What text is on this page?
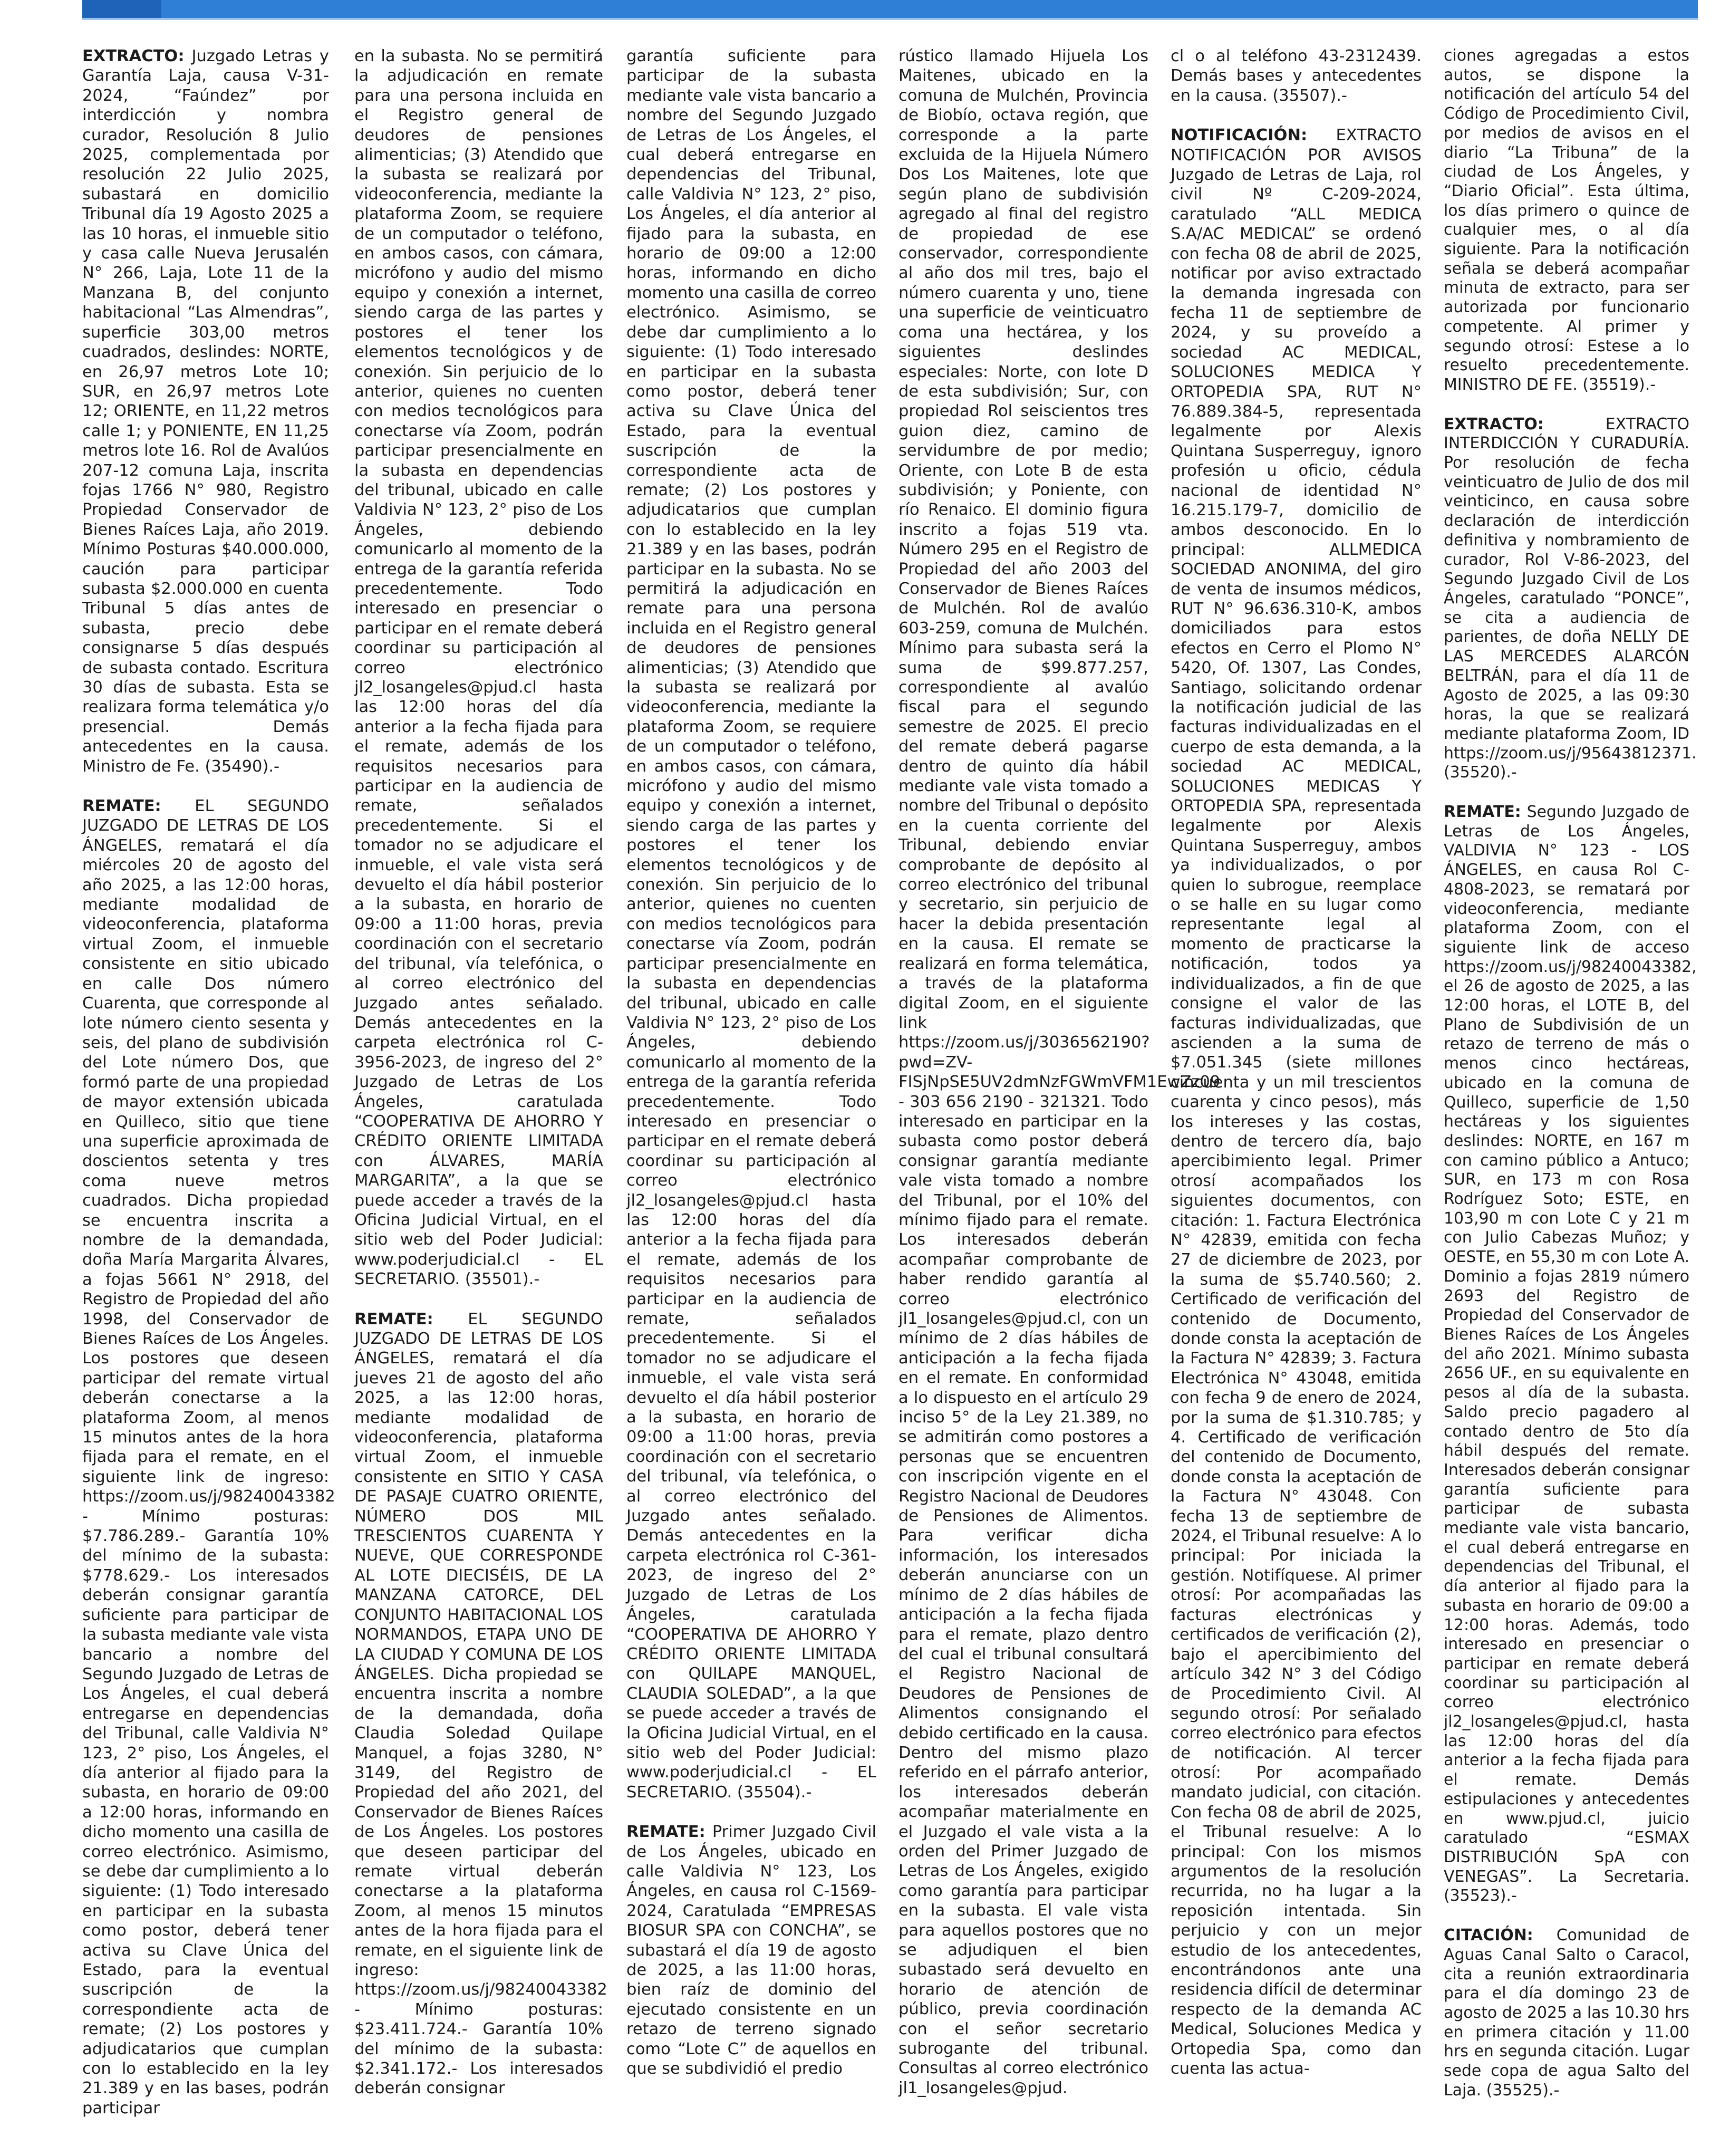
EXTRACTO: Juzgado Letras y Garantía Laja, causa V-31-2024, “Faúndez” por interdicción y nombra curador, Resolución 8 Julio 2025, complementada por resolución 22 Julio 2025, subastará en domicilio Tribunal día 19 Agosto 2025 a las 10 horas, el inmueble sitio y casa calle Nueva Jerusalén N° 266, Laja, Lote 11 de la Manzana B, del conjunto habitacional “Las Almendras”, superficie 303,00 metros cuadrados, deslindes: NORTE, en 26,97 metros Lote 10; SUR, en 26,97 metros Lote 12; ORIENTE, en 11,22 metros calle 1; y PONIENTE, EN 11,25 metros lote 16. Rol de Avalúos 207-12 comuna Laja, inscrita fojas 1766 N° 980, Registro Propiedad Conservador de Bienes Raíces Laja, año 2019. Mínimo Posturas $40.000.000, caución para participar subasta $2.000.000 en cuenta Tribunal 5 días antes de subasta, precio debe consignarse 5 días después de subasta contado. Escritura 30 días de subasta. Esta se realizara forma telemática y/o presencial. Demás antecedentes en la causa. Ministro de Fe. (35490).-

REMATE: EL SEGUNDO JUZGADO DE LETRAS DE LOS ÁNGELES, rematará el día miércoles 20 de agosto del año 2025, a las 12:00 horas, mediante modalidad de videoconferencia, plataforma virtual Zoom, el inmueble consistente en sitio ubicado en calle Dos número Cuarenta, que corresponde al lote número ciento sesenta y seis, del plano de subdivisión del Lote número Dos, que formó parte de una propiedad de mayor extensión ubicada en Quilleco, sitio que tiene una superficie aproximada de doscientos setenta y tres coma nueve metros cuadrados. Dicha propiedad se encuentra inscrita a nombre de la demandada, doña María Margarita Álvares, a fojas 5661 N° 2918, del Registro de Propiedad del año 1998, del Conservador de Bienes Raíces de Los Ángeles. Los postores que deseen participar del remate virtual deberán conectarse a la plataforma Zoom, al menos 15 minutos antes de la hora fijada para el remate, en el siguiente link de ingreso: https://zoom.us/j/98240043382 - Mínimo posturas: $7.786.289.- Garantía 10% del mínimo de la subasta: $778.629.- Los interesados deberán consignar garantía suficiente para participar de la subasta mediante vale vista bancario a nombre del Segundo Juzgado de Letras de Los Ángeles, el cual deberá entregarse en dependencias del Tribunal, calle Valdivia N° 123, 2° piso, Los Ángeles, el día anterior al fijado para la subasta, en horario de 09:00 a 12:00 horas, informando en dicho momento una casilla de correo electrónico. Asimismo, se debe dar cumplimiento a lo siguiente: (1) Todo interesado en participar en la subasta como postor, deberá tener activa su Clave Única del Estado, para la eventual suscripción de la correspondiente acta de remate; (2) Los postores y adjudicatarios que cumplan con lo establecido en la ley 21.389 y en las bases, podrán participar

en la subasta. No se permitirá la adjudicación en remate para una persona incluida en el Registro general de deudores de pensiones alimenticias; (3) Atendido que la subasta se realizará por videoconferencia, mediante la plataforma Zoom, se requiere de un computador o teléfono, en ambos casos, con cámara, micrófono y audio del mismo equipo y conexión a internet, siendo carga de las partes y postores el tener los elementos tecnológicos y de conexión. Sin perjuicio de lo anterior, quienes no cuenten con medios tecnológicos para conectarse vía Zoom, podrán participar presencialmente en la subasta en dependencias del tribunal, ubicado en calle Valdivia N° 123, 2° piso de Los Ángeles, debiendo comunicarlo al momento de la entrega de la garantía referida precedentemente. Todo interesado en presenciar o participar en el remate deberá coordinar su participación al correo electrónico jl2_losangeles@pjud.cl hasta las 12:00 horas del día anterior a la fecha fijada para el remate, además de los requisitos necesarios para participar en la audiencia de remate, señalados precedentemente. Si el tomador no se adjudicare el inmueble, el vale vista será devuelto el día hábil posterior a la subasta, en horario de 09:00 a 11:00 horas, previa coordinación con el secretario del tribunal, vía telefónica, o al correo electrónico del Juzgado antes señalado. Demás antecedentes en la carpeta electrónica rol C-3956-2023, de ingreso del 2° Juzgado de Letras de Los Ángeles, caratulada “COOPERATIVA DE AHORRO Y CRÉDITO ORIENTE LIMITADA con ÁLVARES, MARÍA MARGARITA”, a la que se puede acceder a través de la Oficina Judicial Virtual, en el sitio web del Poder Judicial: www.poderjudicial.cl - EL SECRETARIO. (35501).-

REMATE: EL SEGUNDO JUZGADO DE LETRAS DE LOS ÁNGELES, rematará el día jueves 21 de agosto del año 2025, a las 12:00 horas, mediante modalidad de videoconferencia, plataforma virtual Zoom, el inmueble consistente en SITIO Y CASA DE PASAJE CUATRO ORIENTE, NÚMERO DOS MIL TRESCIENTOS CUARENTA Y NUEVE, QUE CORRESPONDE AL LOTE DIECISÉIS, DE LA MANZANA CATORCE, DEL CONJUNTO HABITACIONAL LOS NORMANDOS, ETAPA UNO DE LA CIUDAD Y COMUNA DE LOS ÁNGELES. Dicha propiedad se encuentra inscrita a nombre de la demandada, doña Claudia Soledad Quilape Manquel, a fojas 3280, N° 3149, del Registro de Propiedad del año 2021, del Conservador de Bienes Raíces de Los Ángeles. Los postores que deseen participar del remate virtual deberán conectarse a la plataforma Zoom, al menos 15 minutos antes de la hora fijada para el remate, en el siguiente link de ingreso: https://zoom.us/j/98240043382 - Mínimo posturas: $23.411.724.- Garantía 10% del mínimo de la subasta: $2.341.172.- Los interesados deberán consignar

garantía suficiente para participar de la subasta mediante vale vista bancario a nombre del Segundo Juzgado de Letras de Los Ángeles, el cual deberá entregarse en dependencias del Tribunal, calle Valdivia N° 123, 2° piso, Los Ángeles, el día anterior al fijado para la subasta, en horario de 09:00 a 12:00 horas, informando en dicho momento una casilla de correo electrónico. Asimismo, se debe dar cumplimiento a lo siguiente: (1) Todo interesado en participar en la subasta como postor, deberá tener activa su Clave Única del Estado, para la eventual suscripción de la correspondiente acta de remate; (2) Los postores y adjudicatarios que cumplan con lo establecido en la ley 21.389 y en las bases, podrán participar en la subasta. No se permitirá la adjudicación en remate para una persona incluida en el Registro general de deudores de pensiones alimenticias; (3) Atendido que la subasta se realizará por videoconferencia, mediante la plataforma Zoom, se requiere de un computador o teléfono, en ambos casos, con cámara, micrófono y audio del mismo equipo y conexión a internet, siendo carga de las partes y postores el tener los elementos tecnológicos y de conexión. Sin perjuicio de lo anterior, quienes no cuenten con medios tecnológicos para conectarse vía Zoom, podrán participar presencialmente en la subasta en dependencias del tribunal, ubicado en calle Valdivia N° 123, 2° piso de Los Ángeles, debiendo comunicarlo al momento de la entrega de la garantía referida precedentemente. Todo interesado en presenciar o participar en el remate deberá coordinar su participación al correo electrónico jl2_losangeles@pjud.cl hasta las 12:00 horas del día anterior a la fecha fijada para el remate, además de los requisitos necesarios para participar en la audiencia de remate, señalados precedentemente. Si el tomador no se adjudicare el inmueble, el vale vista será devuelto el día hábil posterior a la subasta, en horario de 09:00 a 11:00 horas, previa coordinación con el secretario del tribunal, vía telefónica, o al correo electrónico del Juzgado antes señalado. Demás antecedentes en la carpeta electrónica rol C-361-2023, de ingreso del 2° Juzgado de Letras de Los Ángeles, caratulada “COOPERATIVA DE AHORRO Y CRÉDITO ORIENTE LIMITADA con QUILAPE MANQUEL, CLAUDIA SOLEDAD”, a la que se puede acceder a través de la Oficina Judicial Virtual, en el sitio web del Poder Judicial: www.poderjudicial.cl - EL SECRETARIO. (35504).-

REMATE: Primer Juzgado Civil de Los Ángeles, ubicado en calle Valdivia N° 123, Los Ángeles, en causa rol C-1569-2024, Caratulada “EMPRESAS BIOSUR SPA con CONCHA”, se subastará el día 19 de agosto de 2025, a las 11:00 horas, bien raíz de dominio del ejecutado consistente en un retazo de terreno signado como “Lote C” de aquellos en que se subdividió el predio

rústico llamado Hijuela Los Maitenes, ubicado en la comuna de Mulchén, Provincia de Biobío, octava región, que corresponde a la parte excluida de la Hijuela Número Dos Los Maitenes, lote que según plano de subdivisión agregado al final del registro de propiedad de ese conservador, correspondiente al año dos mil tres, bajo el número cuarenta y uno, tiene una superficie de veinticuatro coma una hectárea, y los siguientes deslindes especiales: Norte, con lote D de esta subdivisión; Sur, con propiedad Rol seiscientos tres guion diez, camino de servidumbre de por medio; Oriente, con Lote B de esta subdivisión; y Poniente, con río Renaico. El dominio figura inscrito a fojas 519 vta. Número 295 en el Registro de Propiedad del año 2003 del Conservador de Bienes Raíces de Mulchén. Rol de avalúo 603-259, comuna de Mulchén. Mínimo para subasta será la suma de $99.877.257, correspondiente al avalúo fiscal para el segundo semestre de 2025. El precio del remate deberá pagarse dentro de quinto día hábil mediante vale vista tomado a nombre del Tribunal o depósito en la cuenta corriente del Tribunal, debiendo enviar comprobante de depósito al correo electrónico del tribunal y secretario, sin perjuicio de hacer la debida presentación en la causa. El remate se realizará en forma telemática, a través de la plataforma digital Zoom, en el siguiente link https://zoom.us/j/3036562190?pwd=ZV-FISjNpSE5UV2dmNzFGWmVFM1EwZz09 - 303 656 2190 - 321321. Todo interesado en participar en la subasta como postor deberá consignar garantía mediante vale vista tomado a nombre del Tribunal, por el 10% del mínimo fijado para el remate. Los interesados deberán acompañar comprobante de haber rendido garantía al correo electrónico jl1_losangeles@pjud.cl, con un mínimo de 2 días hábiles de anticipación a la fecha fijada en el remate. En conformidad a lo dispuesto en el artículo 29 inciso 5° de la Ley 21.389, no se admitirán como postores a personas que se encuentren con inscripción vigente en el Registro Nacional de Deudores de Pensiones de Alimentos. Para verificar dicha información, los interesados deberán anunciarse con un mínimo de 2 días hábiles de anticipación a la fecha fijada para el remate, plazo dentro del cual el tribunal consultará el Registro Nacional de Deudores de Pensiones de Alimentos consignando el debido certificado en la causa. Dentro del mismo plazo referido en el párrafo anterior, los interesados deberán acompañar materialmente en el Juzgado el vale vista a la orden del Primer Juzgado de Letras de Los Ángeles, exigido como garantía para participar en la subasta. El vale vista para aquellos postores que no se adjudiquen el bien subastado será devuelto en horario de atención de público, previa coordinación con el señor secretario subrogante del tribunal. Consultas al correo electrónico jl1_losangeles@pjud.

cl o al teléfono 43-2312439. Demás bases y antecedentes en la causa. (35507).-

NOTIFICACIÓN: EXTRACTO NOTIFICACIÓN POR AVISOS Juzgado de Letras de Laja, rol civil Nº C-209-2024, caratulado “ALL MEDICA S.A/AC MEDICAL” se ordenó con fecha 08 de abril de 2025, notificar por aviso extractado la demanda ingresada con fecha 11 de septiembre de 2024, y su proveído a sociedad AC MEDICAL, SOLUCIONES MEDICA Y ORTOPEDIA SPA, RUT N° 76.889.384-5, representada legalmente por Alexis Quintana Susperreguy, ignoro profesión u oficio, cédula nacional de identidad N° 16.215.179-7, domicilio de ambos desconocido. En lo principal: ALLMEDICA SOCIEDAD ANONIMA, del giro de venta de insumos médicos, RUT N° 96.636.310-K, ambos domiciliados para estos efectos en Cerro el Plomo N° 5420, Of. 1307, Las Condes, Santiago, solicitando ordenar la notificación judicial de las facturas individualizadas en el cuerpo de esta demanda, a la sociedad AC MEDICAL, SOLUCIONES MEDICAS Y ORTOPEDIA SPA, representada legalmente por Alexis Quintana Susperreguy, ambos ya individualizados, o por quien lo subrogue, reemplace o se halle en su lugar como representante legal al momento de practicarse la notificación, todos ya individualizados, a fin de que consigne el valor de las facturas individualizadas, que ascienden a la suma de $7.051.345 (siete millones cincuenta y un mil trescientos cuarenta y cinco pesos), más los intereses y las costas, dentro de tercero día, bajo apercibimiento legal. Primer otrosí acompañados los siguientes documentos, con citación: 1. Factura Electrónica N° 42839, emitida con fecha 27 de diciembre de 2023, por la suma de $5.740.560; 2. Certificado de verificación del contenido de Documento, donde consta la aceptación de la Factura N° 42839; 3. Factura Electrónica N° 43048, emitida con fecha 9 de enero de 2024, por la suma de $1.310.785; y 4. Certificado de verificación del contenido de Documento, donde consta la aceptación de la Factura N° 43048. Con fecha 13 de septiembre de 2024, el Tribunal resuelve: A lo principal: Por iniciada la gestión. Notifíquese. Al primer otrosí: Por acompañadas las facturas electrónicas y certificados de verificación (2), bajo el apercibimiento del artículo 342 N° 3 del Código de Procedimiento Civil. Al segundo otrosí: Por señalado correo electrónico para efectos de notificación. Al tercer otrosí: Por acompañado mandato judicial, con citación. Con fecha 08 de abril de 2025, el Tribunal resuelve: A lo principal: Con los mismos argumentos de la resolución recurrida, no ha lugar a la reposición intentada. Sin perjuicio y con un mejor estudio de los antecedentes, encontrándonos ante una residencia difícil de determinar respecto de la demanda AC Medical, Soluciones Medica y Ortopedia Spa, como dan cuenta las actua-

ciones agregadas a estos autos, se dispone la notificación del artículo 54 del Código de Procedimiento Civil, por medios de avisos en el diario “La Tribuna” de la ciudad de Los Ángeles, y “Diario Oficial”. Esta última, los días primero o quince de cualquier mes, o al día siguiente. Para la notificación señala se deberá acompañar minuta de extracto, para ser autorizada por funcionario competente. Al primer y segundo otrosí: Estese a lo resuelto precedentemente. MINISTRO DE FE. (35519).-

EXTRACTO:	EXTRACTO INTERDICCIÓN Y CURADURÍA. Por resolución de fecha veinticuatro de Julio de dos mil veinticinco, en causa sobre declaración de interdicción definitiva y nombramiento de curador, Rol V-86-2023, del Segundo Juzgado Civil de Los Ángeles, caratulado “PONCE”, se cita a audiencia de parientes, de doña NELLY DE LAS MERCEDES ALARCÓN BELTRÁN, para el día 11 de Agosto de 2025, a las 09:30 horas, la que se realizará mediante plataforma Zoom, ID https://zoom.us/j/95643812371. (35520).-

REMATE: Segundo Juzgado de Letras de Los Ángeles, VALDIVIA N° 123 - LOS ÁNGELES, en causa Rol C-4808-2023, se rematará por videoconferencia, mediante plataforma Zoom, con el siguiente link de acceso https://zoom.us/j/98240043382, el 26 de agosto de 2025, a las 12:00 horas, el LOTE B, del Plano de Subdivisión de un retazo de terreno de más o menos cinco hectáreas, ubicado en la comuna de Quilleco, superficie de 1,50 hectáreas y los siguientes deslindes: NORTE, en 167 m con camino público a Antuco; SUR, en 173 m con Rosa Rodríguez Soto; ESTE, en 103,90 m con Lote C y 21 m con Julio Cabezas Muñoz; y OESTE, en 55,30 m con Lote A. Dominio a fojas 2819 número 2693 del Registro de Propiedad del Conservador de Bienes Raíces de Los Ángeles del año 2021. Mínimo subasta 2656 UF., en su equivalente en pesos al día de la subasta. Saldo precio pagadero al contado dentro de 5to día hábil después del remate. Interesados deberán consignar garantía suficiente para participar de subasta mediante vale vista bancario, el cual deberá entregarse en dependencias del Tribunal, el día anterior al fijado para la subasta en horario de 09:00 a 12:00 horas. Además, todo interesado en presenciar o participar en remate deberá coordinar su participación al correo electrónico jl2_losangeles@pjud.cl, hasta las 12:00 horas del día anterior a la fecha fijada para el remate. Demás estipulaciones y antecedentes en www.pjud.cl, juicio caratulado “ESMAX DISTRIBUCIÓN SpA con VENEGAS”. La Secretaria. (35523).-

CITACIÓN: Comunidad de Aguas Canal Salto o Caracol, cita a reunión extraordinaria para el día domingo 23 de agosto de 2025 a las 10.30 hrs en primera citación y 11.00 hrs en segunda citación. Lugar sede copa de agua Salto del Laja. (35525).-
